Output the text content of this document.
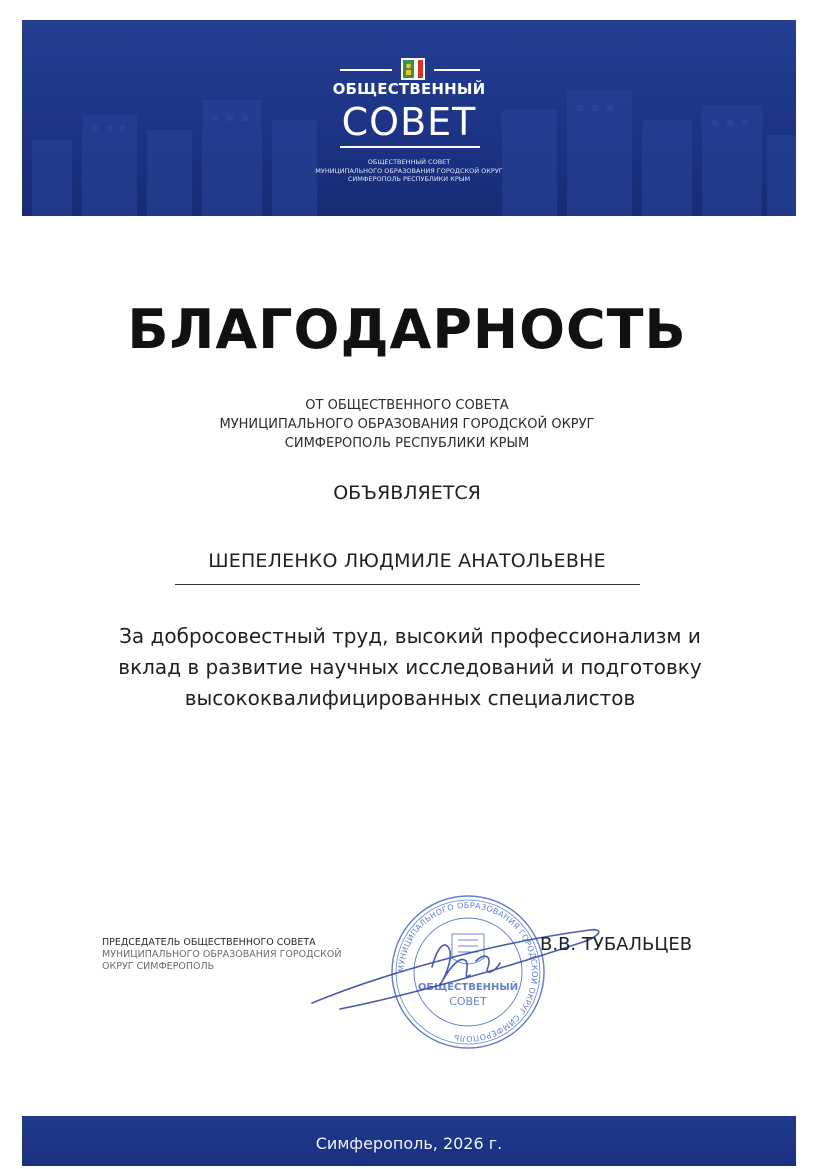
ОБЩЕСТВЕННЫЙ
СОВЕТ
ОБЩЕСТВЕННЫЙ СОВЕТ
МУНИЦИПАЛЬНОГО ОБРАЗОВАНИЯ ГОРОДСКОЙ ОКРУГ
СИМФЕРОПОЛЬ РЕСПУБЛИКИ КРЫМ
БЛАГОДАРНОСТЬ
ОТ ОБЩЕСТВЕННОГО СОВЕТА
МУНИЦИПАЛЬНОГО ОБРАЗОВАНИЯ ГОРОДСКОЙ ОКРУГ
СИМФЕРОПОЛЬ РЕСПУБЛИКИ КРЫМ
ОБЪЯВЛЯЕТСЯ
ШЕПЕЛЕНКО ЛЮДМИЛЕ АНАТОЛЬЕВНЕ
За добросовестный труд, высокий профессионализм и
вклад в развитие научных исследований и подготовку
высококвалифицированных специалистов
ПРЕДСЕДАТЕЛЬ ОБЩЕСТВЕННОГО СОВЕТА
МУНИЦИПАЛЬНОГО ОБРАЗОВАНИЯ ГОРОДСКОЙ
ОКРУГ СИМФЕРОПОЛЬ	МУНИЦИПАЛЬНОГО ОБРАЗОВАНИЯ ГОРОДСКОЙ ОКРУГ СИМФЕРОПОЛЬ
ОБЩЕСТВЕННЫЙ
СОВЕТ
В.В. ТУБАЛЬЦЕВ
Симферополь, 2026 г.
